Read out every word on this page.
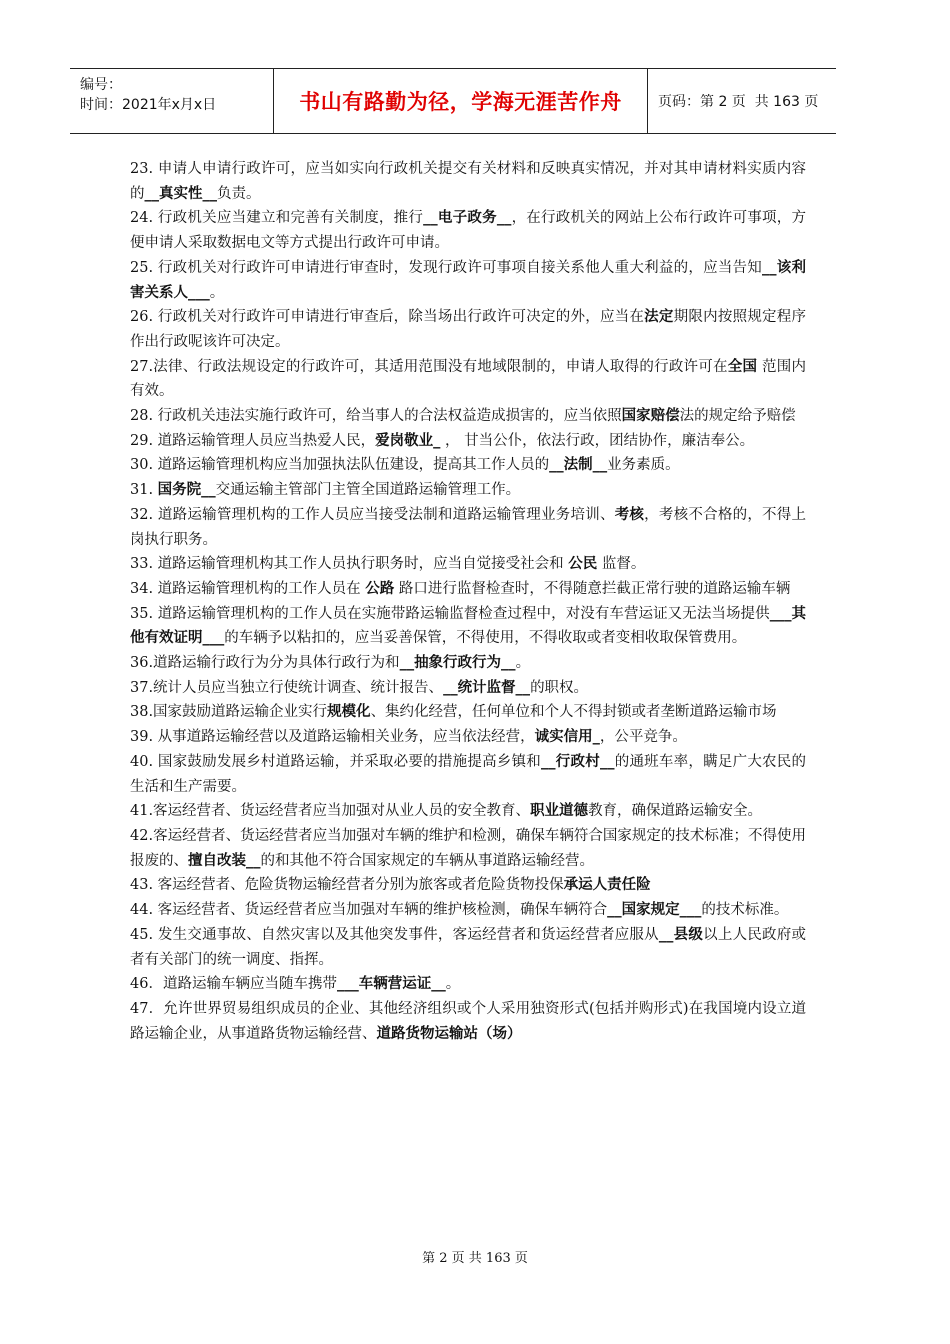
编号：
时间：2021年x月x日	书山有路勤为径，学海无涯苦作舟	页码：第 2 页  共 163 页
23. 申请人申请行政许可，应当如实向行政机关提交有关材料和反映真实情况，并对其申请材料实质内容的__真实性__负责。
24. 行政机关应当建立和完善有关制度，推行__电子政务__，在行政机关的网站上公布行政许可事项，方便申请人采取数据电文等方式提出行政许可申请。
25. 行政机关对行政许可申请进行审查时，发现行政许可事项自接关系他人重大利益的，应当告知__该利害关系人___。
26. 行政机关对行政许可申请进行审查后，除当场出行政许可决定的外，应当在法定期限内按照规定程序作出行政呢该许可决定。
27.法律、行政法规设定的行政许可，其适用范围没有地域限制的，申请人取得的行政许可在全国 范围内有效。
28. 行政机关违法实施行政许可，给当事人的合法权益造成损害的，应当依照国家赔偿法的规定给予赔偿
29. 道路运输管理人员应当热爱人民，爱岗敬业_ ， 甘当公仆，依法行政，团结协作，廉洁奉公。
30. 道路运输管理机构应当加强执法队伍建设，提高其工作人员的__法制__业务素质。
31. 国务院__交通运输主管部门主管全国道路运输管理工作。
32. 道路运输管理机构的工作人员应当接受法制和道路运输管理业务培训、考核，考核不合格的，不得上岗执行职务。
33. 道路运输管理机构其工作人员执行职务时，应当自觉接受社会和 公民 监督。
34. 道路运输管理机构的工作人员在 公路 路口进行监督检查时，不得随意拦截正常行驶的道路运输车辆
35. 道路运输管理机构的工作人员在实施带路运输监督检查过程中，对没有车营运证又无法当场提供___其他有效证明___的车辆予以粘扣的，应当妥善保管，不得使用，不得收取或者变相收取保管费用。
36.道路运输行政行为分为具体行政行为和__抽象行政行为__。
37.统计人员应当独立行使统计调查、统计报告、__统计监督__的职权。
38.国家鼓励道路运输企业实行规模化、集约化经营，任何单位和个人不得封锁或者垄断道路运输市场
39. 从事道路运输经营以及道路运输相关业务，应当依法经营，诚实信用_，公平竞争。
40. 国家鼓励发展乡村道路运输，并采取必要的措施提高乡镇和__行政村__的通班车率，瞒足广大农民的生活和生产需要。
41.客运经营者、货运经营者应当加强对从业人员的安全教育、职业道德教育，确保道路运输安全。
42.客运经营者、货运经营者应当加强对车辆的维护和检测，确保车辆符合国家规定的技术标准；不得使用报废的、擅自改装__的和其他不符合国家规定的车辆从事道路运输经营。
43. 客运经营者、危险货物运输经营者分别为旅客或者危险货物投保承运人责任险
44. 客运经营者、货运经营者应当加强对车辆的维护核检测，确保车辆符合__国家规定___的技术标准。
45. 发生交通事故、自然灾害以及其他突发事件，客运经营者和货运经营者应服从__县级以上人民政府或者有关部门的统一调度、指挥。
46．道路运输车辆应当随车携带___车辆营运证__。
47．允许世界贸易组织成员的企业、其他经济组织或个人采用独资形式(包括并购形式)在我国境内设立道路运输企业，从事道路货物运输经营、道路货物运输站（场）
第 2 页 共 163 页
